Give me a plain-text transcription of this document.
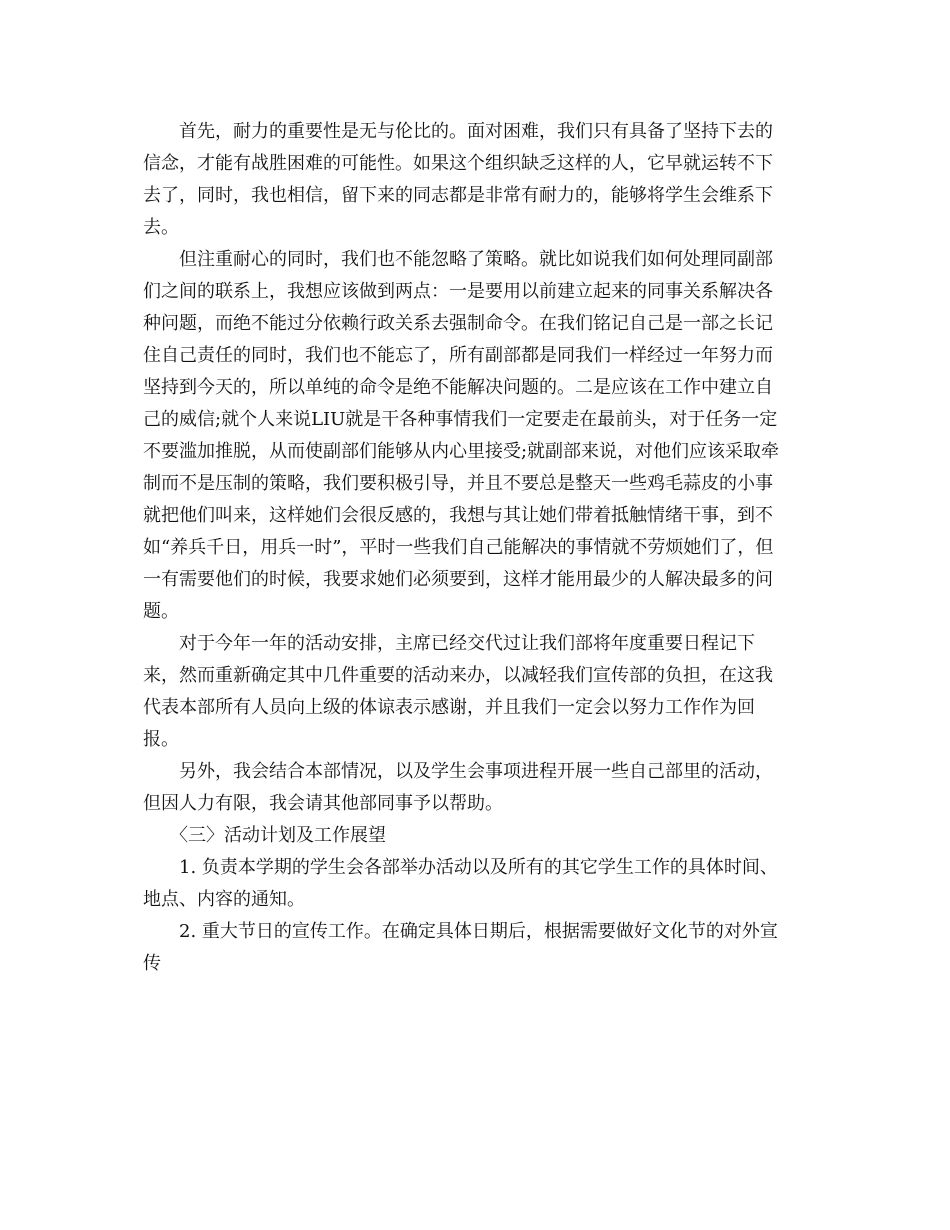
　　首先，耐力的重要性是无与伦比的。面对困难，我们只有具备了坚持下去的
信念，才能有战胜困难的可能性。如果这个组织缺乏这样的人，它早就运转不下
去了，同时，我也相信，留下来的同志都是非常有耐力的，能够将学生会维系下
去。
　　但注重耐心的同时，我们也不能忽略了策略。就比如说我们如何处理同副部
们之间的联系上，我想应该做到两点：一是要用以前建立起来的同事关系解决各
种问题，而绝不能过分依赖行政关系去强制命令。在我们铭记自己是一部之长记
住自己责任的同时，我们也不能忘了，所有副部都是同我们一样经过一年努力而
坚持到今天的，所以单纯的命令是绝不能解决问题的。二是应该在工作中建立自
己的威信;就个人来说LIU就是干各种事情我们一定要走在最前头，对于任务一定
不要滥加推脱，从而使副部们能够从内心里接受;就副部来说，对他们应该采取牵
制而不是压制的策略，我们要积极引导，并且不要总是整天一些鸡毛蒜皮的小事
就把他们叫来，这样她们会很反感的，我想与其让她们带着抵触情绪干事，到不
如“养兵千日，用兵一时”，平时一些我们自己能解决的事情就不劳烦她们了，但
一有需要他们的时候，我要求她们必须要到，这样才能用最少的人解决最多的问
题。
　　对于今年一年的活动安排，主席已经交代过让我们部将年度重要日程记下
来，然而重新确定其中几件重要的活动来办，以减轻我们宣传部的负担，在这我
代表本部所有人员向上级的体谅表示感谢，并且我们一定会以努力工作作为回
报。
　　另外，我会结合本部情况，以及学生会事项进程开展一些自己部里的活动，
但因人力有限，我会请其他部同事予以帮助。
　　〈三〉活动计划及工作展望
　　1. 负责本学期的学生会各部举办活动以及所有的其它学生工作的具体时间、
地点、内容的通知。
　　2. 重大节日的宣传工作。在确定具体日期后，根据需要做好文化节的对外宣
传
